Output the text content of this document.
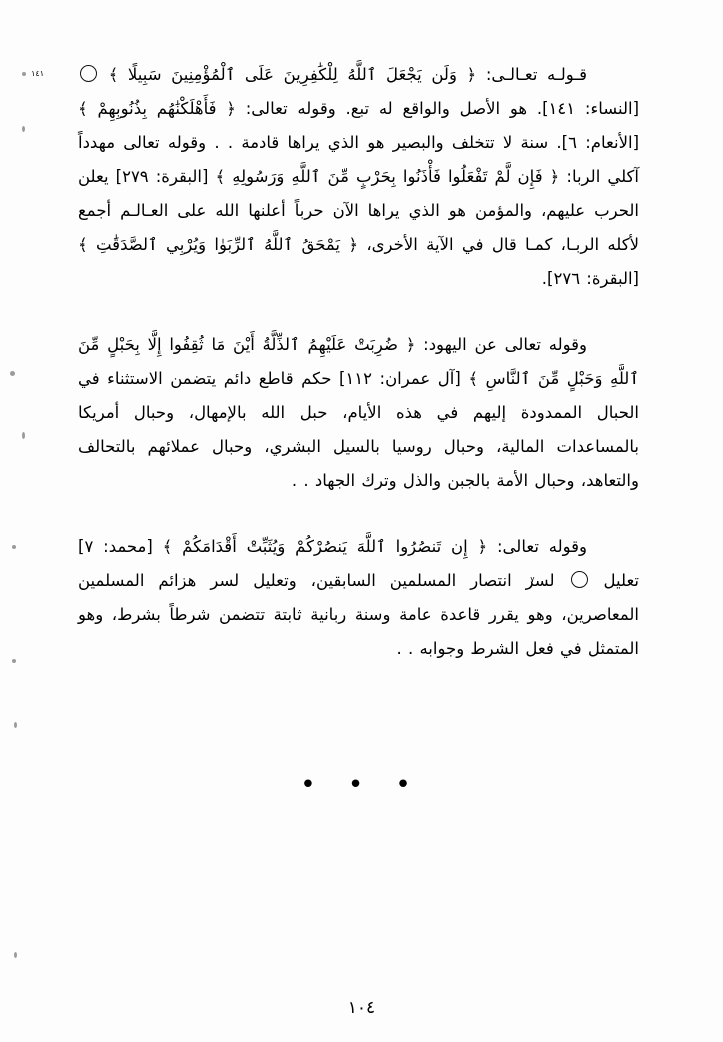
قـولـه تعـالـى: ﴿ وَلَن يَجْعَلَ ٱللَّهُ لِلْكَٰفِرِينَ عَلَى ٱلْمُؤْمِنِينَ سَبِيلًا ﴾ ١٤١ [النساء: ١٤١]. هو الأصل والواقع له تبع. وقوله تعالى: ﴿ فَأَهْلَكْنَٰهُم بِذُنُوبِهِمْ ﴾ [الأنعام: ٦]. سنة لا تتخلف والبصير هو الذي يراها قادمة . . وقوله تعالى مهدداً آكلي الربا: ﴿ فَإِن لَّمْ تَفْعَلُوا فَأْذَنُوا بِحَرْبٍ مِّنَ ٱللَّهِ وَرَسُولِهِ ﴾ [البقرة: ٢٧٩] يعلن الحرب عليهم، والمؤمن هو الذي يراها الآن حرباً أعلنها الله على العـالـم أجمع لأكله الربـا، كمـا قال في الآية الأخرى، ﴿ يَمْحَقُ ٱللَّهُ ٱلرِّبَوٰا وَيُرْبِي ٱلصَّدَقَٰتِ ﴾ [البقرة: ٢٧٦].
وقوله تعالى عن اليهود: ﴿ ضُرِبَتْ عَلَيْهِمُ ٱلذِّلَّةُ أَيْنَ مَا ثُقِفُوا إِلَّا بِحَبْلٍ مِّنَ ٱللَّهِ وَحَبْلٍ مِّنَ ٱلنَّاسِ ﴾ [آل عمران: ١١٢] حكم قاطع دائم يتضمن الاستثناء في الحبال الممدودة إليهم في هذه الأيام، حبل الله بالإمهال، وحبال أمريكا بالمساعدات المالية، وحبال روسيا بالسيل البشري، وحبال عملائهم بالتحالف والتعاهد، وحبال الأمة بالجبن والذل وترك الجهاد . .
وقوله تعالى: ﴿ إِن تَنصُرُوا ٱللَّهَ يَنصُرْكُمْ وَيُثَبِّتْ أَقْدَامَكُمْ ﴾ [محمد: ٧] تعليل ٧ لسر انتصار المسلمين السابقين، وتعليل لسر هزائم المسلمين المعاصرين، وهو يقرر قاعدة عامة وسنة ربانية ثابتة تتضمن شرطاً بشرط، وهو المتمثل في فعل الشرط وجوابه . .
• • •
١٠٤
